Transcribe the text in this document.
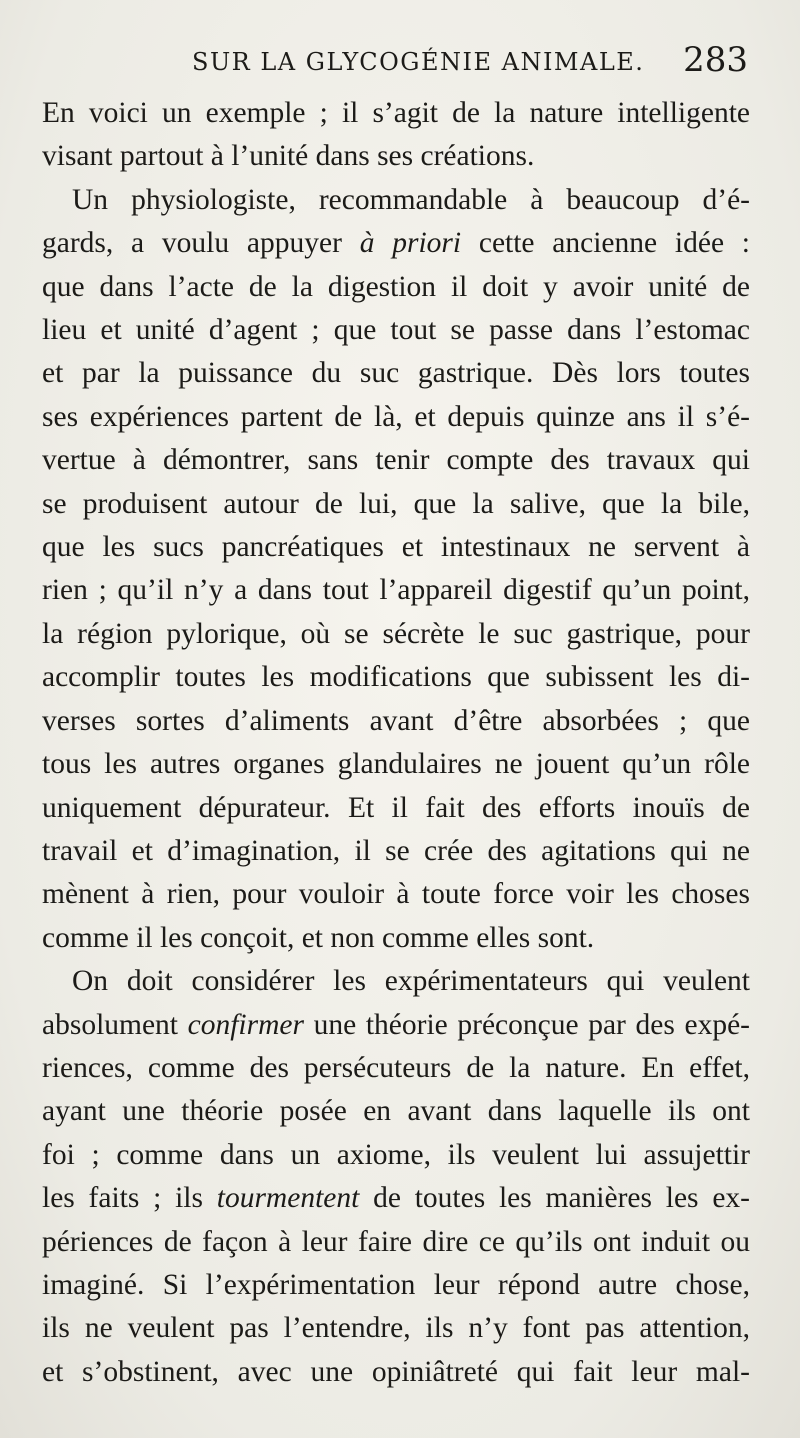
SUR LA GLYCOGÉNIE ANIMALE. 283

En voici un exemple ; il s’agit de la nature intelligente
visant partout à l’unité dans ses créations.

Un physiologiste, recommandable à beaucoup d’é-
gards, a voulu appuyer à priori cette ancienne idée :
que dans l’acte de la digestion il doit y avoir unité de
lieu et unité d’agent ; que tout se passe dans l’estomac
et par la puissance du suc gastrique. Dès lors toutes
ses expériences partent de là, et depuis quinze ans il s’é-
vertue à démontrer, sans tenir compte des travaux qui
se produisent autour de lui, que la salive, que la bile,
que les sucs pancréatiques et intestinaux ne servent à
rien ; qu’il n’y a dans tout l’appareil digestif qu’un point,
la région pylorique, où se sécrète le suc gastrique, pour
accomplir toutes les modifications que subissent les di-
verses sortes d’aliments avant d’être absorbées ; que
tous les autres organes glandulaires ne jouent qu’un rôle
uniquement dépurateur. Et il fait des efforts inouïs de
travail et d’imagination, il se crée des agitations qui ne
mènent à rien, pour vouloir à toute force voir les choses
comme il les conçoit, et non comme elles sont.

On doit considérer les expérimentateurs qui veulent
absolument confirmer une théorie préconçue par des expé-
riences, comme des persécuteurs de la nature. En effet,
ayant une théorie posée en avant dans laquelle ils ont
foi ; comme dans un axiome, ils veulent lui assujettir
les faits ; ils tourmentent de toutes les manières les ex-
périences de façon à leur faire dire ce qu’ils ont induit ou
imaginé. Si l’expérimentation leur répond autre chose,
ils ne veulent pas l’entendre, ils n’y font pas attention,
et s’obstinent, avec une opiniâtreté qui fait leur mal-
